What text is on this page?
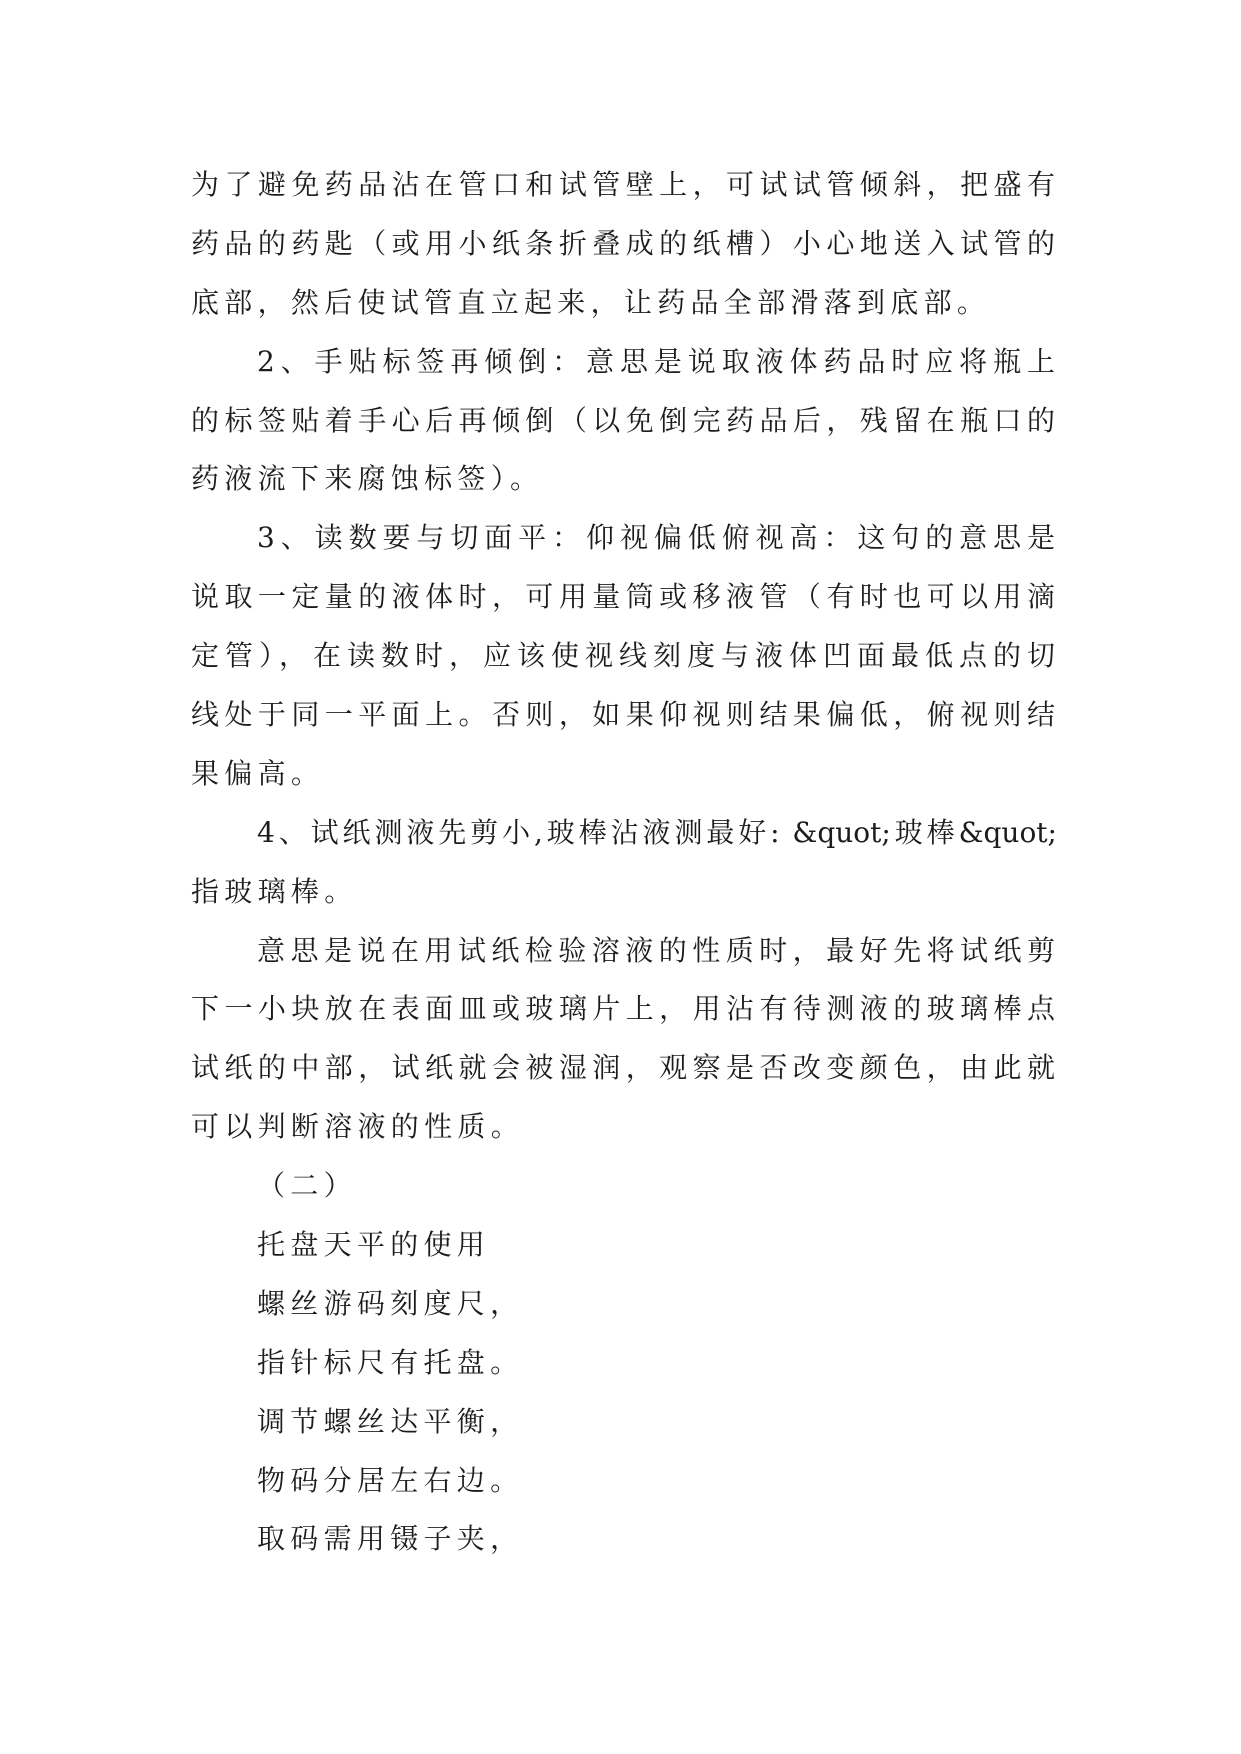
为了避免药品沾在管口和试管壁上，可试试管倾斜，把盛有
药品的药匙（或用小纸条折叠成的纸槽）小心地送入试管的
底部，然后使试管直立起来，让药品全部滑落到底部。
2、手贴标签再倾倒：意思是说取液体药品时应将瓶上
的标签贴着手心后再倾倒（以免倒完药品后，残留在瓶口的
药液流下来腐蚀标签）。
3、读数要与切面平：仰视偏低俯视高：这句的意思是
说取一定量的液体时，可用量筒或移液管（有时也可以用滴
定管），在读数时，应该使视线刻度与液体凹面最低点的切
线处于同一平面上。否则，如果仰视则结果偏低，俯视则结
果偏高。
4、试纸测液先剪小,玻棒沾液测最好: &quot;玻棒&quot;
指玻璃棒。
意思是说在用试纸检验溶液的性质时，最好先将试纸剪
下一小块放在表面皿或玻璃片上，用沾有待测液的玻璃棒点
试纸的中部，试纸就会被湿润，观察是否改变颜色，由此就
可以判断溶液的性质。
（二）
托盘天平的使用
螺丝游码刻度尺，
指针标尺有托盘。
调节螺丝达平衡，
物码分居左右边。
取码需用镊子夹，
